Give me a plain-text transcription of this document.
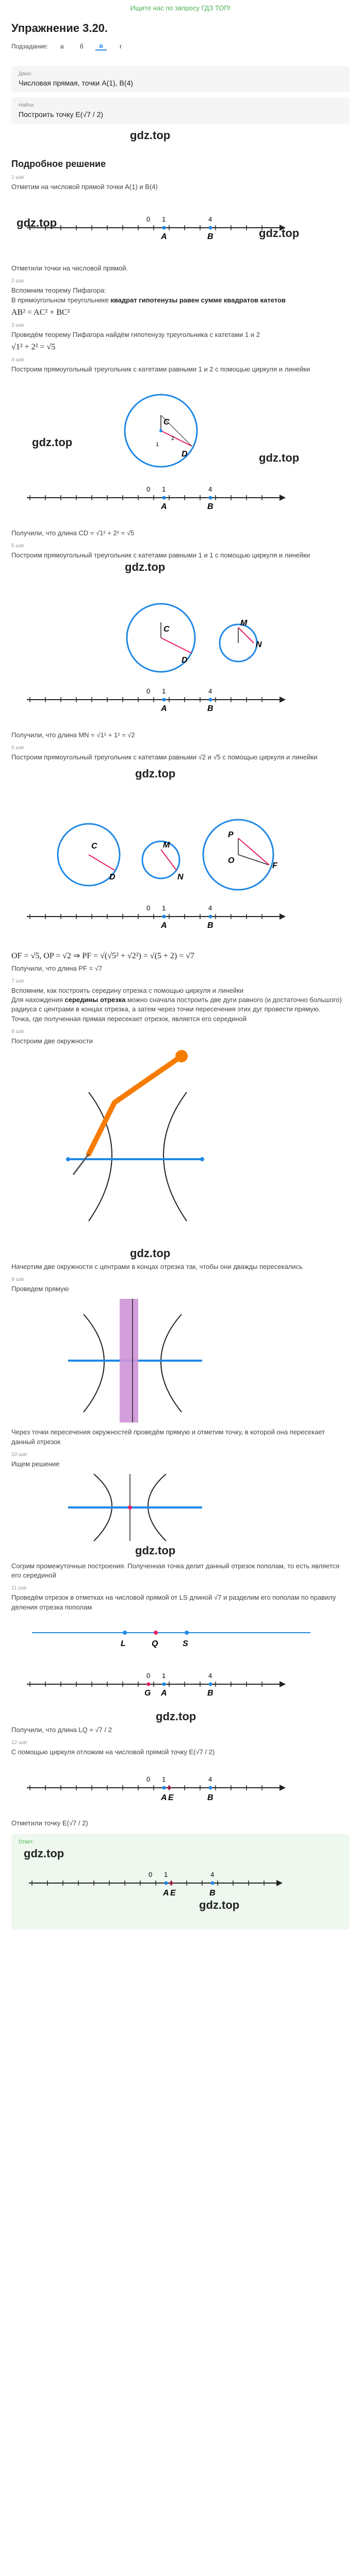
Ищите нас по запросу ГДЗ ТОП!
Упражнение 3.20.
Подзадание:	а	б	в	г
Дано:
Числовая прямая, точки A(1), B(4)
Найти:
Построить точку E(√7 / 2)
gdz.top
Подробное решение
1 шаг
Отметим на числовой прямой точки A(1) и B(4)
gdz.top
gdz.top
0 1	4
A	B
Отметили точки на числовой прямой.
2 шаг
Вспомним теорему Пифагора:
В прямоугольном треугольнике квадрат гипотенузы равен сумме квадратов катетов
AB² = AC² + BC²
3 шаг
Проведём теорему Пифагора найдём гипотенузу треугольника с катетами 1 и 2
√1² + 2² = √5
4 шаг
Построим прямоугольный треугольник с катетами равными 1 и 2 с помощью циркуля и линейки
gdz.top
gdz.top
C
D
1
2
0 1	4
A	B
Получили, что длина CD = √1² + 2² = √5
5 шаг
Построим прямоугольный треугольник с катетами равными 1 и 1 с помощью циркуля и линейки
gdz.top
C
D
M
N
0 1	4
A	B
Получили, что длина MN = √1² + 1² = √2
6 шаг
Построим прямоугольный треугольник с катетами равными √2 и √5 с помощью циркуля и линейки
gdz.top
C
D
M
N
P
O
F
0 1	4
A	B
OF = √5, OP = √2 ⇒ PF = √(√5² + √2²) = √(5 + 2) = √7
Получили, что длина PF = √7
7 шаг
Вспомним, как построить середину отрезка с помощью циркуля и линейки
Для нахождения середины отрезка можно сначала построить две дуги равного (и достаточно большого) радиуса с центрами в концах отрезка, а затем через точки пересечения этих дуг провести прямую.
Точка, где полученная прямая пересекает отрезок, является его серединой
8 шаг
Построим две окружности
gdz.top
Начертим две окружности с центрами в концах отрезка так, чтобы они дважды пересекались
9 шаг
Проведем прямую
Через точки пересечения окружностей проведём прямую и отметим точку, в которой она пересекает данный отрезок
10 шаг
Ищем решение
gdz.top
Согрим промежуточные построения. Полученная точка делит данный отрезок пополам, то есть является его серединой
11 шаг
Проведём отрезок в отметках на числовой прямой от LS длиной √7 и разделим его пополам по правилу деления отрезка пополам
gdz.top
L	Q	S
0 1	4
G A	B
Получили, что длина LQ = √7 / 2
12 шаг
С помощью циркуля отложим на числовой прямой точку E(√7 / 2)
0 1	4
A E	B
Отметили точку E(√7 / 2)
Ответ:
gdz.top
gdz.top
0 1	4
A E	B
